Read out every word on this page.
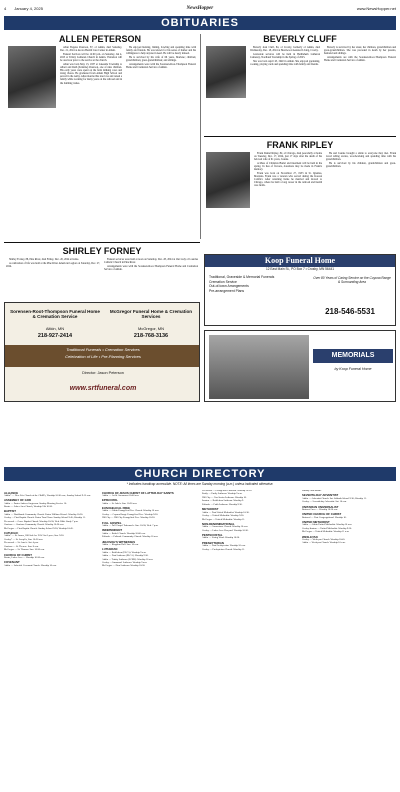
4 January 4, 2025	NewsHopper	www.NewsHopper.net
OBITUARIES
ALLEN PETERSON

Allan Eugene Peterson, 87, of Aitkin, died Saturday, Dec. 21, 2024 at Aicota Health Care Center in Aitkin.

Funeral Services will be 12:00 p.m. on Saturday, Jan 4, 2025 at Trinity Lutheran Church in Aitkin. Visitation will be one hour prior to the service at the church.

Allan was born May 13, 1937 at Lakeside Township to Albert and Ruth (Kristine) Peterson, one of nine children. His early years were spent on the farm milking cows and doing chores. He graduated from Aitkin High School and served in the Army. Allan married his true love and raised a family while working for many years on the railroad and in the building trades.

He enjoyed hunting, fishing, bowling and spending time with family and friends. He was known for his sense of humor and his willingness to help anyone in need. He will be dearly missed.

He is survived by his wife of 66 years, Marlene; children; grandchildren; great-grandchildren; and siblings.

Arrangements were with the Sorensen-Root-Thompson Funeral Home and Cremation Service of Aitkin.

BEVERLY CLUFF

Beverly Jean Cluff, 84, of Crosby, formerly of Aitkin, died Wednesday, Dec. 18, 2024 at Heartwood Assisted Living, Crosby.

Graveside services will be held in Bethlehem Lutheran Cemetery, Nordland Township in the Spring of 2025.

She was born April 18, 1940 in Aitkin. She enjoyed gardening, cooking, playing cards and spending time with family and friends.

Beverly is survived by her sister, her children, grandchildren and great-grandchildren. She was preceded in death by her parents, husband and siblings.

Arrangements are with the Sorensen-Root-Thompson Funeral Home and Cremation Service of Aitkin.

FRANK RIPLEY

Frank Daniel Ripley, 82, of Chicago, died peacefully at home on Tuesday, Dec. 17, 2024, just 17 days after the death of his beloved wife of 61 years, Joanne.

A Mass of Christian Burial and interment will be held in the spring. In lieu of flowers, donations may be made in Frank's memory.

Frank was born on November 27, 1933 in St. Ignatius, Montana. Frank was a veteran who served during the Korean Conflict. After returning home he married and moved to Chicago, where he built a long career in the railroad and health care fields.

He and Joanne brought a smile to everyone they met. Frank loved telling stories, woodworking and spending time with his grandchildren.

He is survived by his children, grandchildren and great-grandchildren.

SHIRLEY FORNEY

Shirley Forney, 88, Pine River, died Friday, Dec. 20, 2024 at home.

A celebration of life was held at the Pine River American Legion on Saturday, Dec. 27, 2024.

Funeral services were held at noon on Saturday, Dec. 28, 2024 at Our Lady of Lourdes Catholic Church in Pine River.

Arrangements were with the Sorensen-Root-Thompson Funeral Home and Cremation Service of Aitkin.

Sorensen-Root-Thompson Funeral Home & Cremation Service
Aitkin, MN
218-927-2414
McGregor Funeral Home & Cremation Services
McGregor, MN
218-768-3136
Traditional Funerals • Cremation Services
Celebration of Life • Pre-Planning Services
Director: Jason Peterson
www.srtfuneral.com
Koop Funeral Home
12 East Main St., PO Box 7 • Crosby, MN 56441
Traditional, Graveside & Memorial Funerals
Cremation Service
Out-of-town Arrangements
Pre-arrangement Plans
Over 80 Years of Caring Service on the Cuyuna Range & Surrounding Area
218-546-5531
MEMORIALS
by Koop Funeral Home
CHURCH DIRECTORY
* Indicates handicap accessible. NOTE: All times are Sunday morning (a.m.) unless indicated otherwise.
ALLIANCE

Aitkin* — New Life Church of the C&MA, Worship 10:30 a.m.; Sunday School 9:15 a.m.

ASSEMBLY OF GOD

Aitkin — Pastor Andrew Jorgenson. Sunday Morning Service 10.

Baxter — Lakes Area Church, Worship 9 & 10:30.

BAPTIST

Aitkin — Northlands Community Church. Pastor William Wenzel. Worship 10:30.

Crosby — First Baptist Church. Pastor Tom Olson. Sunday School 9:45; Worship 11.

Deerwood — Grace Baptist Church. Worship 10:30; Wed. Bible Study 7 p.m.

Garrison — Garrison Community Church. Worship 10:30 a.m.

McGregor — First Baptist Church. Sunday School 9:30; Worship 10:45.

CATHOLIC

Aitkin* — St. James, 208 2nd Ave N.W. Sat 5 p.m.; Sun. 9:30.

Crosby* — St. Joseph's, Sun. 10:30 a.m.

Deerwood — St. Anne's. Sat. 4 p.m.

Garrison — St. Therese. Sun. 8 a.m.

McGregor — St. Thomas. Sun. 10:30 a.m.

CHURCH OF CHRIST

Baxter, Lakes Area — Worship 10:30 a.m.

COVENANT

Aitkin — Lakeside Covenant Church. Worship 10 a.m.

CHURCH OF JESUS CHRIST OF LATTER-DAY SAINTS

Aitkin — 1st St. Sacrament 10:00 a.m.

EPISCOPAL

Aitkin — St. John's. Sun. 10:30 a.m.

EVANGELICAL FREE

Aitkin — Aitkin Evangelical Free Church. Worship 10 a.m.

Crosby — Cuyuna Range Evangelical Free. Worship 9:30.

Hill City — Hill City Evangelical Free. Worship 10:30.

FULL GOSPEL

Aitkin — Full Gospel Tabernacle. Sun. 10:30; Wed. 7 p.m.

INDEPENDENT

Aitkin — Bethel Church. Worship 10:00 a.m.

Palisade — Palisade Community Church. Worship 10 a.m.

JEHOVAH'S WITNESSES

Aitkin — Kingdom Hall. Sun. 10 a.m.

LUTHERAN

Aitkin — Bethlehem (ELCA). Worship 9 a.m.

Aitkin — First Lutheran (ELCA). Worship 9:30.

Aitkin — Trinity Lutheran (LCMS). Worship 10 a.m.

Crosby — Immanuel Lutheran. Worship 9 a.m.

McGregor — Zion Lutheran. Worship 10:30.

Deerwood — Evangelical Lutheran. Worship 10:30.

Emily — Emily Lutheran. Worship 9 a.m.

Hill City — Our Savior Lutheran. Worship 10.

Ironton — Bethlehem Lutheran. Worship 9.

Palisade — Faith Lutheran. Worship 9:30.

METHODIST

Aitkin — First United Methodist. Worship 10:30.

Crosby — United Methodist. Worship 9:30.

McGregor — United Methodist. Worship 11.

NON-DENOMINATIONAL

Aitkin — Cornerstone Church. Worship 10 a.m.

Crosby — Lakes Area Vineyard. Worship 10:30.

PENTECOSTAL

Aitkin — Living Word. Worship 10:30.

PRESBYTERIAN

Aitkin — First Presbyterian. Worship 10 a.m.

Crosby — Presbyterian Church. Worship 11.

Sunday each month.

SEVENTH-DAY ADVENTIST

Aitkin — Adventist Church. Sat. Sabbath School 9:30; Worship 11.

Crosby — Seventh-day Adventist. Sat. 10 a.m.

UNITARIAN UNIVERSALIST

Brainerd Area — Worship 10:30 a.m.

UNITED CHURCH OF CHRIST

Brainerd — First Congregational. Worship 10.

UNITED METHODIST

Aitkin — Aitkin United Methodist. Worship 10 a.m.

Crosby-Ironton — United Methodist. Worship 9:30.

McGregor — United Methodist. Worship 11 a.m.

WESLEYAN

Crosby — Wesleyan Church. Worship 10:45.

Aitkin — Wesleyan Church. Worship 10 a.m.
